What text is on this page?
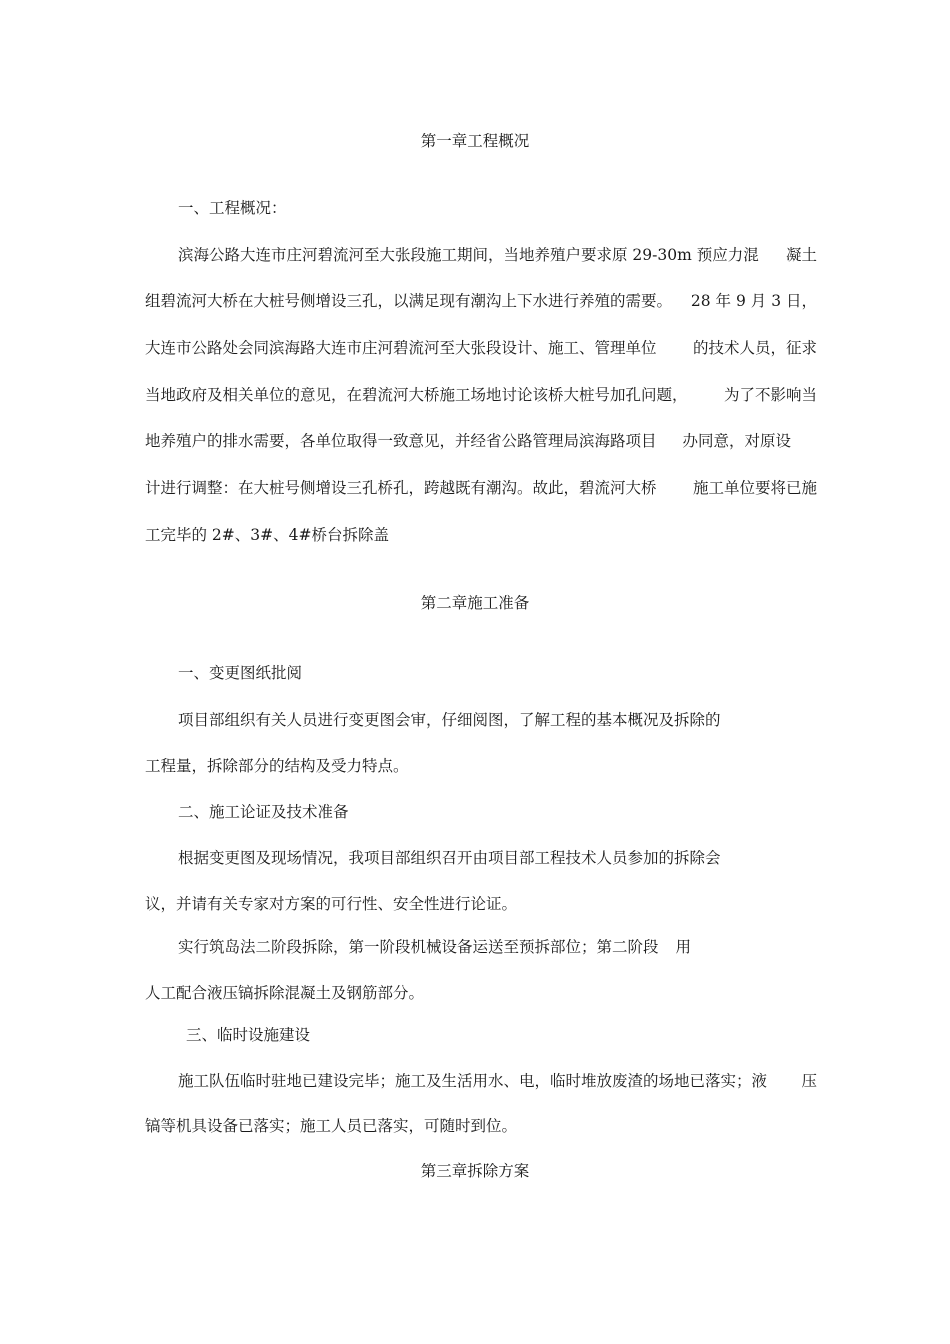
第一章工程概况
一、工程概况：
滨海公路大连市庄河碧流河至大张段施工期间，当地养殖户要求原 29-30m 预应力混 凝土
组碧流河大桥在大桩号侧增设三孔，以满足现有潮沟上下水进行养殖的需要。 28 年 9 月 3 日，
大连市公路处会同滨海路大连市庄河碧流河至大张段设计、施工、管理单位 的技术人员，征求
当地政府及相关单位的意见，在碧流河大桥施工场地讨论该桥大桩号加孔问题， 为了不影响当
地养殖户的排水需要，各单位取得一致意见，并经省公路管理局滨海路项目 办同意，对原设
计进行调整：在大桩号侧增设三孔桥孔，跨越既有潮沟。故此，碧流河大桥 施工单位要将已施
工完毕的 2#、3#、4#桥台拆除盖
第二章施工准备
一、变更图纸批阅
项目部组织有关人员进行变更图会审，仔细阅图，了解工程的基本概况及拆除的
工程量，拆除部分的结构及受力特点。
二、施工论证及技术准备
根据变更图及现场情况，我项目部组织召开由项目部工程技术人员参加的拆除会
议，并请有关专家对方案的可行性、安全性进行论证。
实行筑岛法二阶段拆除，第一阶段机械设备运送至预拆部位；第二阶段 用
人工配合液压镐拆除混凝土及钢筋部分。
三、临时设施建设
施工队伍临时驻地已建设完毕；施工及生活用水、电，临时堆放废渣的场地已落实；液 压
镐等机具设备已落实；施工人员已落实，可随时到位。
第三章拆除方案
